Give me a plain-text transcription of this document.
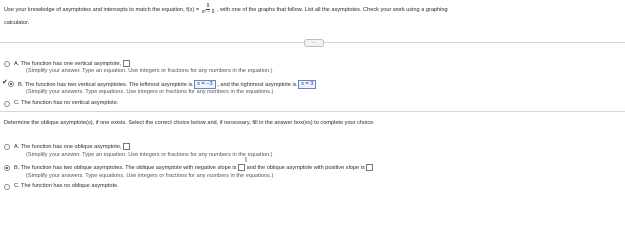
Use your knowledge of asymptotes and intercepts to match the equation, $f(x) = \frac{9}{\text{x² − 9}}$ , with one of the graphs that follow. List all the asymptotes. Check your work using a graphing
calculator.
⋯
A. The function has one vertical asymptote,
(Simplify your answer. Type an equation. Use integers or fractions for any numbers in the equation.)
✔ B. The function has two vertical asymptotes. The leftmost asymptote is x = −3 , and the rightmost asymptote is x = 3
(Simplify your answers. Type equations. Use integers or fractions for any numbers in the equations.)
C. The function has no vertical asymptote.
Determine the oblique asymptote(s), if one exists. Select the correct choice below and, if necessary, fill in the answer box(es) to complete your choice.
A. The function has one oblique asymptote,
(Simplify your answer. Type an equation. Use integers or fractions for any numbers in the equation.)
B. The function has two oblique asymptotes. The oblique asymptote with negative slope is and the oblique asymptote with positive slope is
I
(Simplify your answers. Type equations. Use integers or fractions for any numbers in the equations.)
C. The function has no oblique asymptote.
